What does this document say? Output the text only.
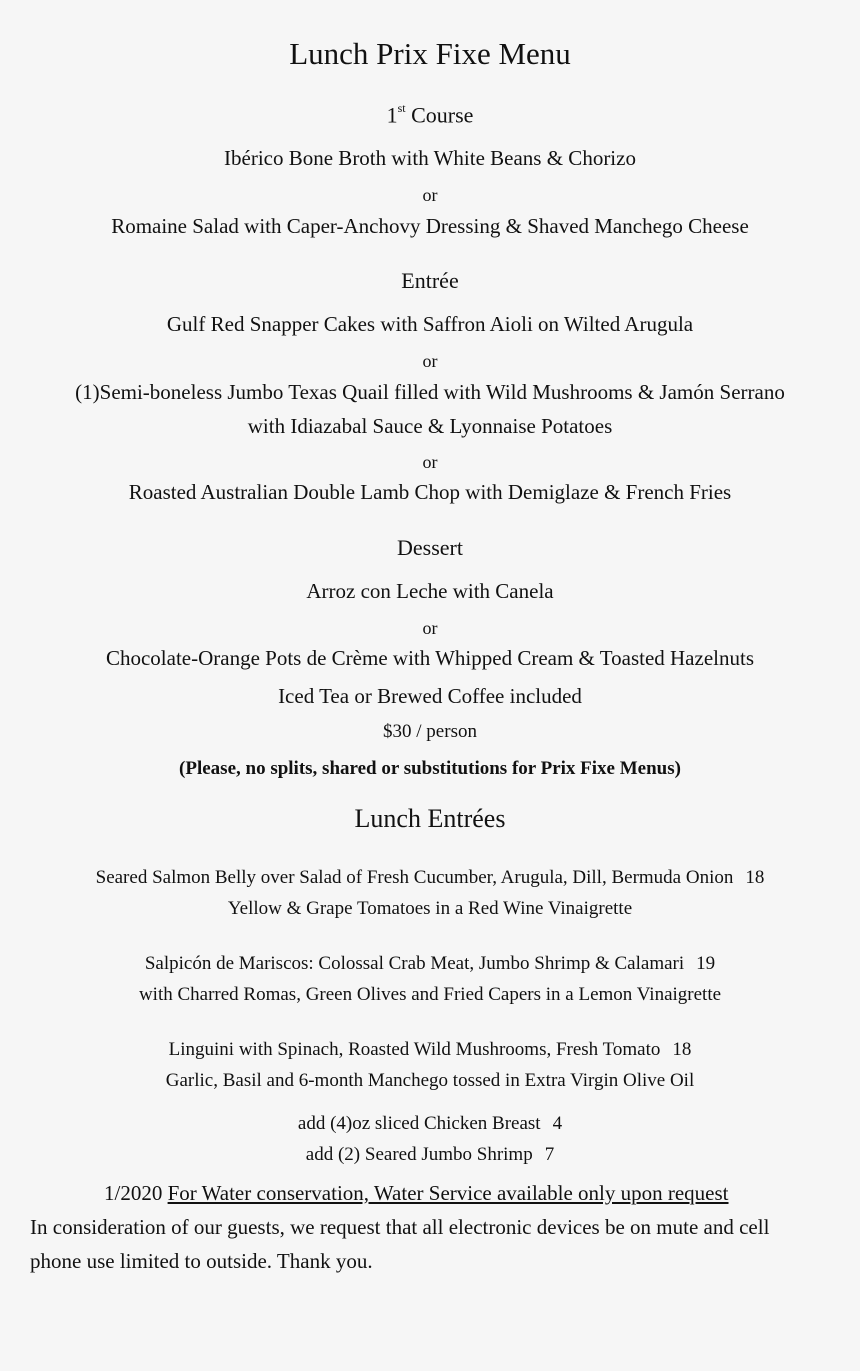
Lunch Prix Fixe Menu
1st Course
Ibérico Bone Broth with White Beans & Chorizo
or
Romaine Salad with Caper-Anchovy Dressing & Shaved Manchego Cheese
Entrée
Gulf Red Snapper Cakes with Saffron Aioli on Wilted Arugula
or
(1)Semi-boneless Jumbo Texas Quail filled with Wild Mushrooms & Jamón Serrano
with Idiazabal Sauce & Lyonnaise Potatoes
or
Roasted Australian Double Lamb Chop with Demiglaze & French Fries
Dessert
Arroz con Leche with Canela
or
Chocolate-Orange Pots de Crème with Whipped Cream & Toasted Hazelnuts
Iced Tea or Brewed Coffee included
$30 / person
(Please, no splits, shared or substitutions for Prix Fixe Menus)
Lunch Entrées
Seared Salmon Belly over Salad of Fresh Cucumber, Arugula, Dill, Bermuda Onion 18
Yellow & Grape Tomatoes in a Red Wine Vinaigrette
Salpicón de Mariscos: Colossal Crab Meat, Jumbo Shrimp & Calamari 19
with Charred Romas, Green Olives and Fried Capers in a Lemon Vinaigrette
Linguini with Spinach, Roasted Wild Mushrooms, Fresh Tomato 18
Garlic, Basil and 6-month Manchego tossed in Extra Virgin Olive Oil
add (4)oz sliced Chicken Breast 4
add (2) Seared Jumbo Shrimp 7
1/2020 For Water conservation, Water Service available only upon request
In consideration of our guests, we request that all electronic devices be on mute and cell
phone use limited to outside. Thank you.
